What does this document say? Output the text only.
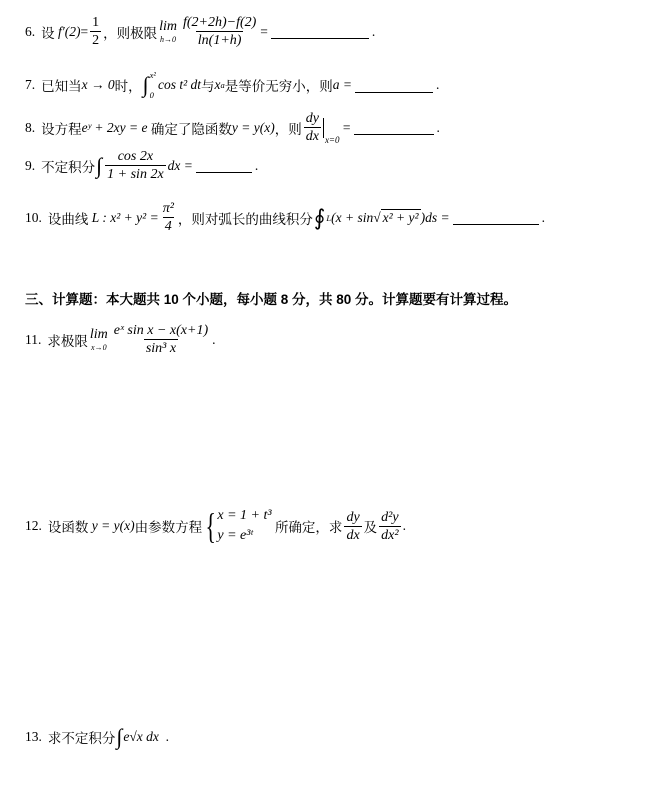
6. 设
$f'(2) = \frac{1}{2}$ ，则极限 lim
$h\to 0 \frac{f(2+2h)-f(2)}{\ln(1+h)}$ =	.
7. 已知当 x → 0 时， ∫ x²
0
cos t² dt 与 x a 是等价无穷小，则 a =	.
8. 设方程 eʸ + 2xy = e
确定了隐函数 y = y(x) ，则 $\frac{dy}{dx} x=0$

=	.
9. 不定积分 ∫ $\frac{\cos 2x}{1 + \sin 2x}$ dx =	.
10. 设曲线
L : $x^2 + y^2 = \frac{\text{π²}}{4}$ ，则对弧长的曲线积分 ∮ L (x + sin √ x² + y² )ds =	.
三、计算题：本大题共 10 个小题，每小题 8 分，共 80 分。计算题要有计算过程。
11. 求极限 lim
$x\to 0 \frac{\text{eˣ sin x − x(x+1)}}{\text{sin³ x}}$ .
12. 设函数
y = y(x) 由参数方程 { x = 1 + t³
y = e³ᵗ

所确定，求 $\frac{dy}{dx}$ 及 $\frac{\text{d²y}}{\text{dx²}}$ .
13. 求不定积分 ∫ e√x dx
.
